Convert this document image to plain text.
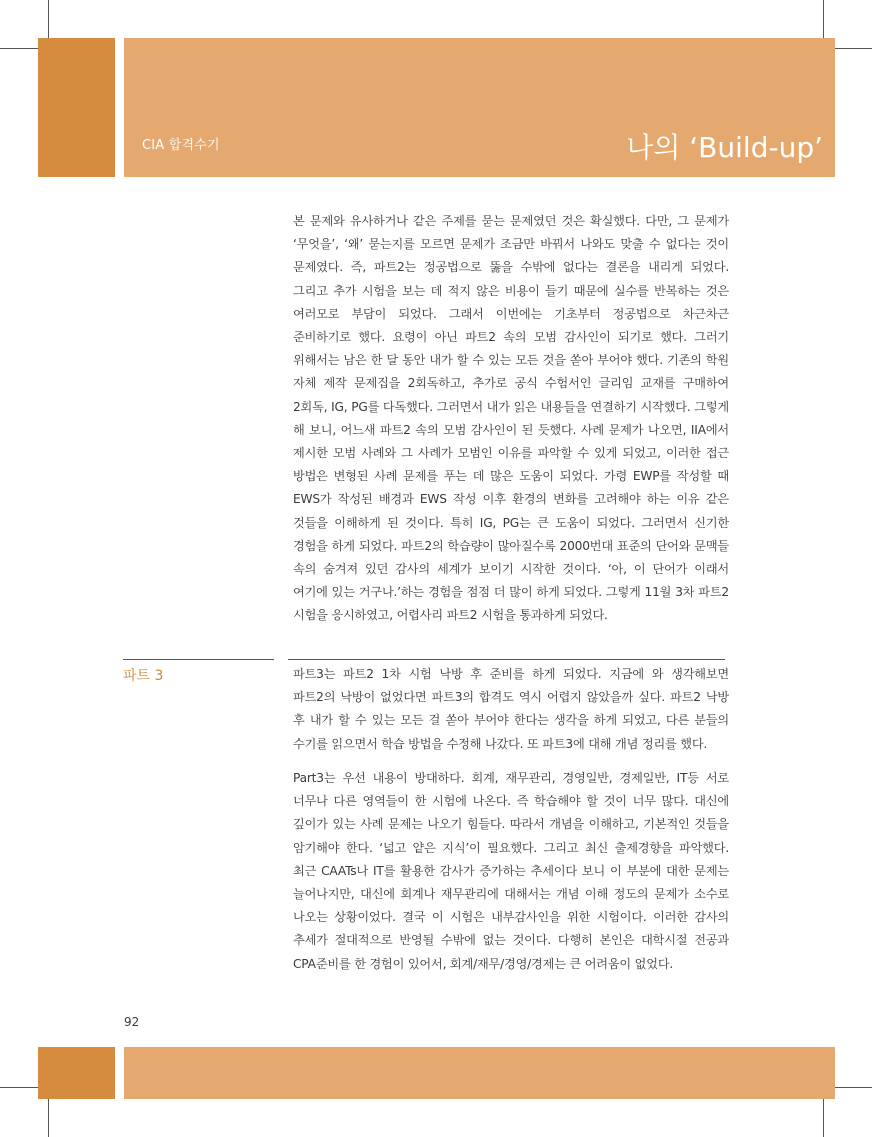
CIA 합격수기	나의 ‘Build-up’

본 문제와 유사하거나 같은 주제를 묻는 문제였던 것은 확실했다. 다만, 그 문제가 ‘무엇을’, ‘왜’ 묻는지를 모르면 문제가 조금만 바꿔서 나와도 맞출 수 없다는 것이 문제였다. 즉, 파트2는 정공법으로 뚫을 수밖에 없다는 결론을 내리게 되었다. 그리고 추가 시험을 보는 데 적지 않은 비용이 들기 때문에 실수를 반복하는 것은 여러모로 부담이 되었다. 그래서 이번에는 기초부터 정공법으로 차근차근 준비하기로 했다. 요령이 아닌 파트2 속의 모범 감사인이 되기로 했다. 그러기 위해서는 남은 한 달 동안 내가 할 수 있는 모든 것을 쏟아 부어야 했다. 기존의 학원 자체 제작 문제집을 2회독하고, 추가로 공식 수험서인 글리임 교재를 구매하여 2회독, IG, PG를 다독했다. 그러면서 내가 읽은 내용들을 연결하기 시작했다. 그렇게 해 보니, 어느새 파트2 속의 모범 감사인이 된 듯했다. 사례 문제가 나오면, IIA에서 제시한 모범 사례와 그 사례가 모범인 이유를 파악할 수 있게 되었고, 이러한 접근 방법은 변형된 사례 문제를 푸는 데 많은 도움이 되었다. 가령 EWP를 작성할 때 EWS가 작성된 배경과 EWS 작성 이후 환경의 변화를 고려해야 하는 이유 같은 것들을 이해하게 된 것이다. 특히 IG, PG는 큰 도움이 되었다. 그러면서 신기한 경험을 하게 되었다. 파트2의 학습량이 많아질수록 2000번대 표준의 단어와 문맥들 속의 숨겨져 있던 감사의 세계가 보이기 시작한 것이다. ‘아, 이 단어가 이래서 여기에 있는 거구나.’하는 경험을 점점 더 많이 하게 되었다. 그렇게 11월 3차 파트2 시험을 응시하였고, 어렵사리 파트2 시험을 통과하게 되었다.

파트 3	파트3는 파트2 1차 시험 낙방 후 준비를 하게 되었다. 지금에 와 생각해보면 파트2의 낙방이 없었다면 파트3의 합격도 역시 어렵지 않았을까 싶다. 파트2 낙방 후 내가 할 수 있는 모든 걸 쏟아 부어야 한다는 생각을 하게 되었고, 다른 분들의 수기를 읽으면서 학습 방법을 수정해 나갔다. 또 파트3에 대해 개념 정리를 했다.

Part3는 우선 내용이 방대하다. 회계, 재무관리, 경영일반, 경제일반, IT등 서로 너무나 다른 영역들이 한 시험에 나온다. 즉 학습해야 할 것이 너무 많다. 대신에 깊이가 있는 사례 문제는 나오기 힘들다. 따라서 개념을 이해하고, 기본적인 것들을 암기해야 한다. ‘넓고 얕은 지식’이 필요했다. 그리고 최신 출제경향을 파악했다. 최근 CAATs나 IT를 활용한 감사가 증가하는 추세이다 보니 이 부분에 대한 문제는 늘어나지만, 대신에 회계나 재무관리에 대해서는 개념 이해 정도의 문제가 소수로 나오는 상황이었다. 결국 이 시험은 내부감사인을 위한 시험이다. 이러한 감사의 추세가 절대적으로 반영될 수밖에 없는 것이다. 다행히 본인은 대학시절 전공과 CPA준비를 한 경험이 있어서, 회계/재무/경영/경제는 큰 어려움이 없었다.

92
